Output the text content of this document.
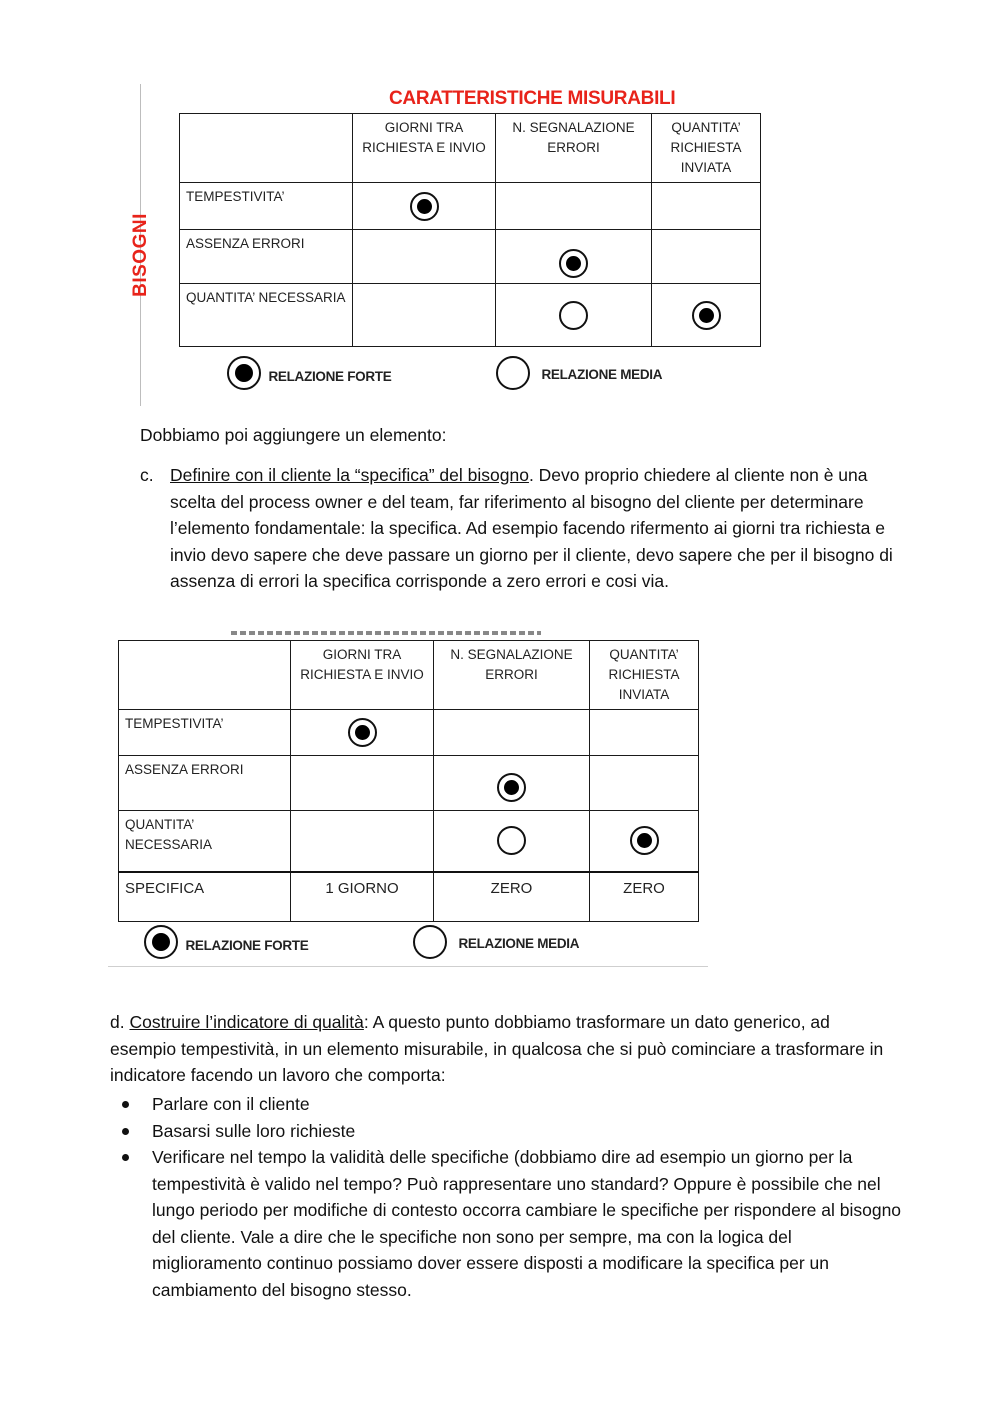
CARATTERISTICHE MISURABILI
BISOGNI
	GIORNI TRA RICHIESTA E INVIO	N. SEGNALAZIONE ERRORI	QUANTITA’ RICHIESTA INVIATA
TEMPESTIVITA’			
ASSENZA ERRORI			
QUANTITA’ NECESSARIA			
RELAZIONE FORTE	RELAZIONE MEDIA
Dobbiamo poi aggiungere un elemento:
c. Definire con il cliente la “specifica” del bisogno. Devo proprio chiedere al cliente non è una scelta del process owner e del team, far riferimento al bisogno del cliente per determinare l’elemento fondamentale: la specifica. Ad esempio facendo rifermento ai giorni tra richiesta e invio devo sapere che deve passare un giorno per il cliente, devo sapere che per il bisogno di assenza di errori la specifica corrisponde a zero errori e cosi via.
	GIORNI TRA RICHIESTA E INVIO	N. SEGNALAZIONE ERRORI	QUANTITA’ RICHIESTA INVIATA
TEMPESTIVITA’			
ASSENZA ERRORI			
QUANTITA’ NECESSARIA			
SPECIFICA	1 GIORNO	ZERO	ZERO
RELAZIONE FORTE	RELAZIONE MEDIA
d. Costruire l’indicatore di qualità: A questo punto dobbiamo trasformare un dato generico, ad esempio tempestività, in un elemento misurabile, in qualcosa che si può cominciare a trasformare in indicatore facendo un lavoro che comporta:
Parlare con il cliente
Basarsi sulle loro richieste
Verificare nel tempo la validità delle specifiche (dobbiamo dire ad esempio un giorno per la tempestività è valido nel tempo? Può rappresentare uno standard? Oppure è possibile che nel lungo periodo per modifiche di contesto occorra cambiare le specifiche per rispondere al bisogno del cliente. Vale a dire che le specifiche non sono per sempre, ma con la logica del miglioramento continuo possiamo dover essere disposti a modificare la specifica per un cambiamento del bisogno stesso.
